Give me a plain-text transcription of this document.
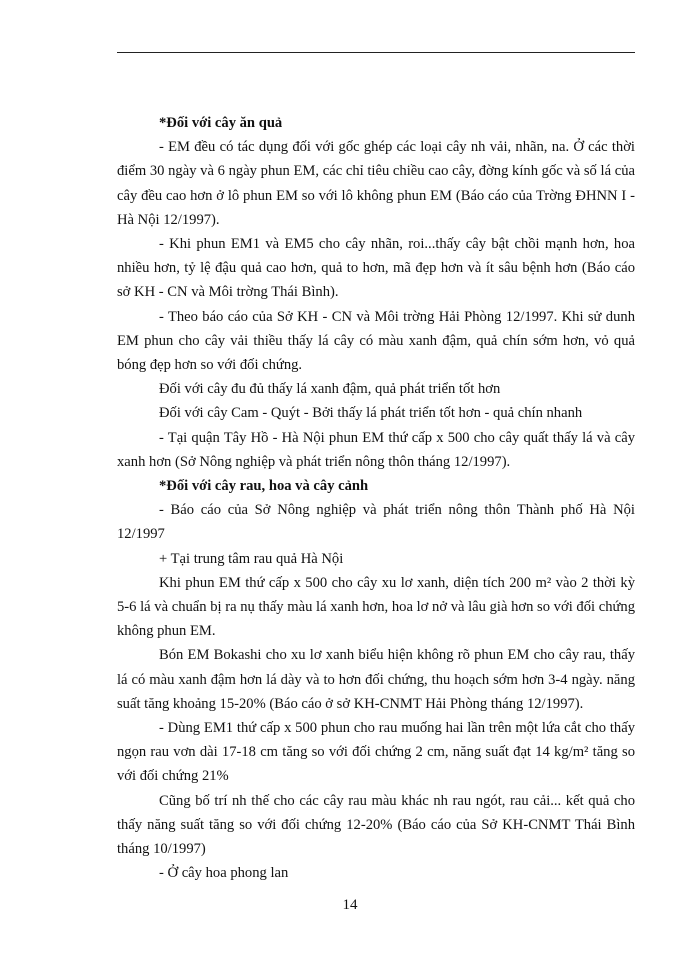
*Đối với cây ăn quả

- EM đều có tác dụng đối với gốc ghép các loại cây nh vải, nhãn, na. Ở các thời điểm 30 ngày và 6 ngày phun EM, các chỉ tiêu chiều cao cây, đờng kính gốc và số lá của cây đều cao hơn ở lô phun EM so với lô không phun EM (Báo cáo của Trờng ĐHNN I - Hà Nội 12/1997).

- Khi phun EM1 và EM5 cho cây nhãn, roi...thấy cây bật chồi mạnh hơn, hoa nhiều hơn, tỷ lệ đậu quả cao hơn, quả to hơn, mã đẹp hơn và ít sâu bệnh hơn (Báo cáo sở KH - CN và Môi trờng Thái Bình).

- Theo báo cáo của Sở KH - CN và Môi trờng Hải Phòng 12/1997. Khi sử dunh EM phun cho cây vải thiều thấy lá cây có màu xanh đậm, quả chín sớm hơn, vỏ quả bóng đẹp hơn so với đối chứng.

Đối với cây đu đủ thấy lá xanh đậm, quả phát triển tốt hơn

Đối với cây Cam - Quýt - Bởi thấy lá phát triển tốt hơn - quả chín nhanh

- Tại quận Tây Hồ - Hà Nội phun EM thứ cấp x 500 cho cây quất thấy lá và cây xanh hơn (Sở Nông nghiệp và phát triển nông thôn tháng 12/1997).

*Đối với cây rau, hoa và cây cảnh

- Báo cáo của Sở Nông nghiệp và phát triển nông thôn Thành phố Hà Nội 12/1997

+ Tại trung tâm rau quả Hà Nội

Khi phun EM thứ cấp x 500 cho cây xu lơ xanh, diện tích 200 m² vào 2 thời kỳ 5-6 lá và chuẩn bị ra nụ thấy màu lá xanh hơn, hoa lơ nở và lâu già hơn so với đối chứng không phun EM.

Bón EM Bokashi cho xu lơ xanh biểu hiện không rõ phun EM cho cây rau, thấy lá có màu xanh đậm hơn lá dày và to hơn đối chứng, thu hoạch sớm hơn 3-4 ngày. năng suất tăng khoảng 15-20% (Báo cáo ở sở KH-CNMT Hải Phòng tháng 12/1997).

- Dùng EM1 thứ cấp x 500 phun cho rau muống hai lần trên một lứa cắt cho thấy ngọn rau vơn dài 17-18 cm tăng so với đối chứng 2 cm, năng suất đạt 14 kg/m² tăng so với đối chứng 21%

Cũng bố trí nh thế cho các cây rau màu khác nh rau ngót, rau cải... kết quả cho thấy năng suất tăng so với đối chứng 12-20% (Báo cáo của Sở KH-CNMT Thái Bình tháng 10/1997)

- Ở cây hoa phong lan

14
